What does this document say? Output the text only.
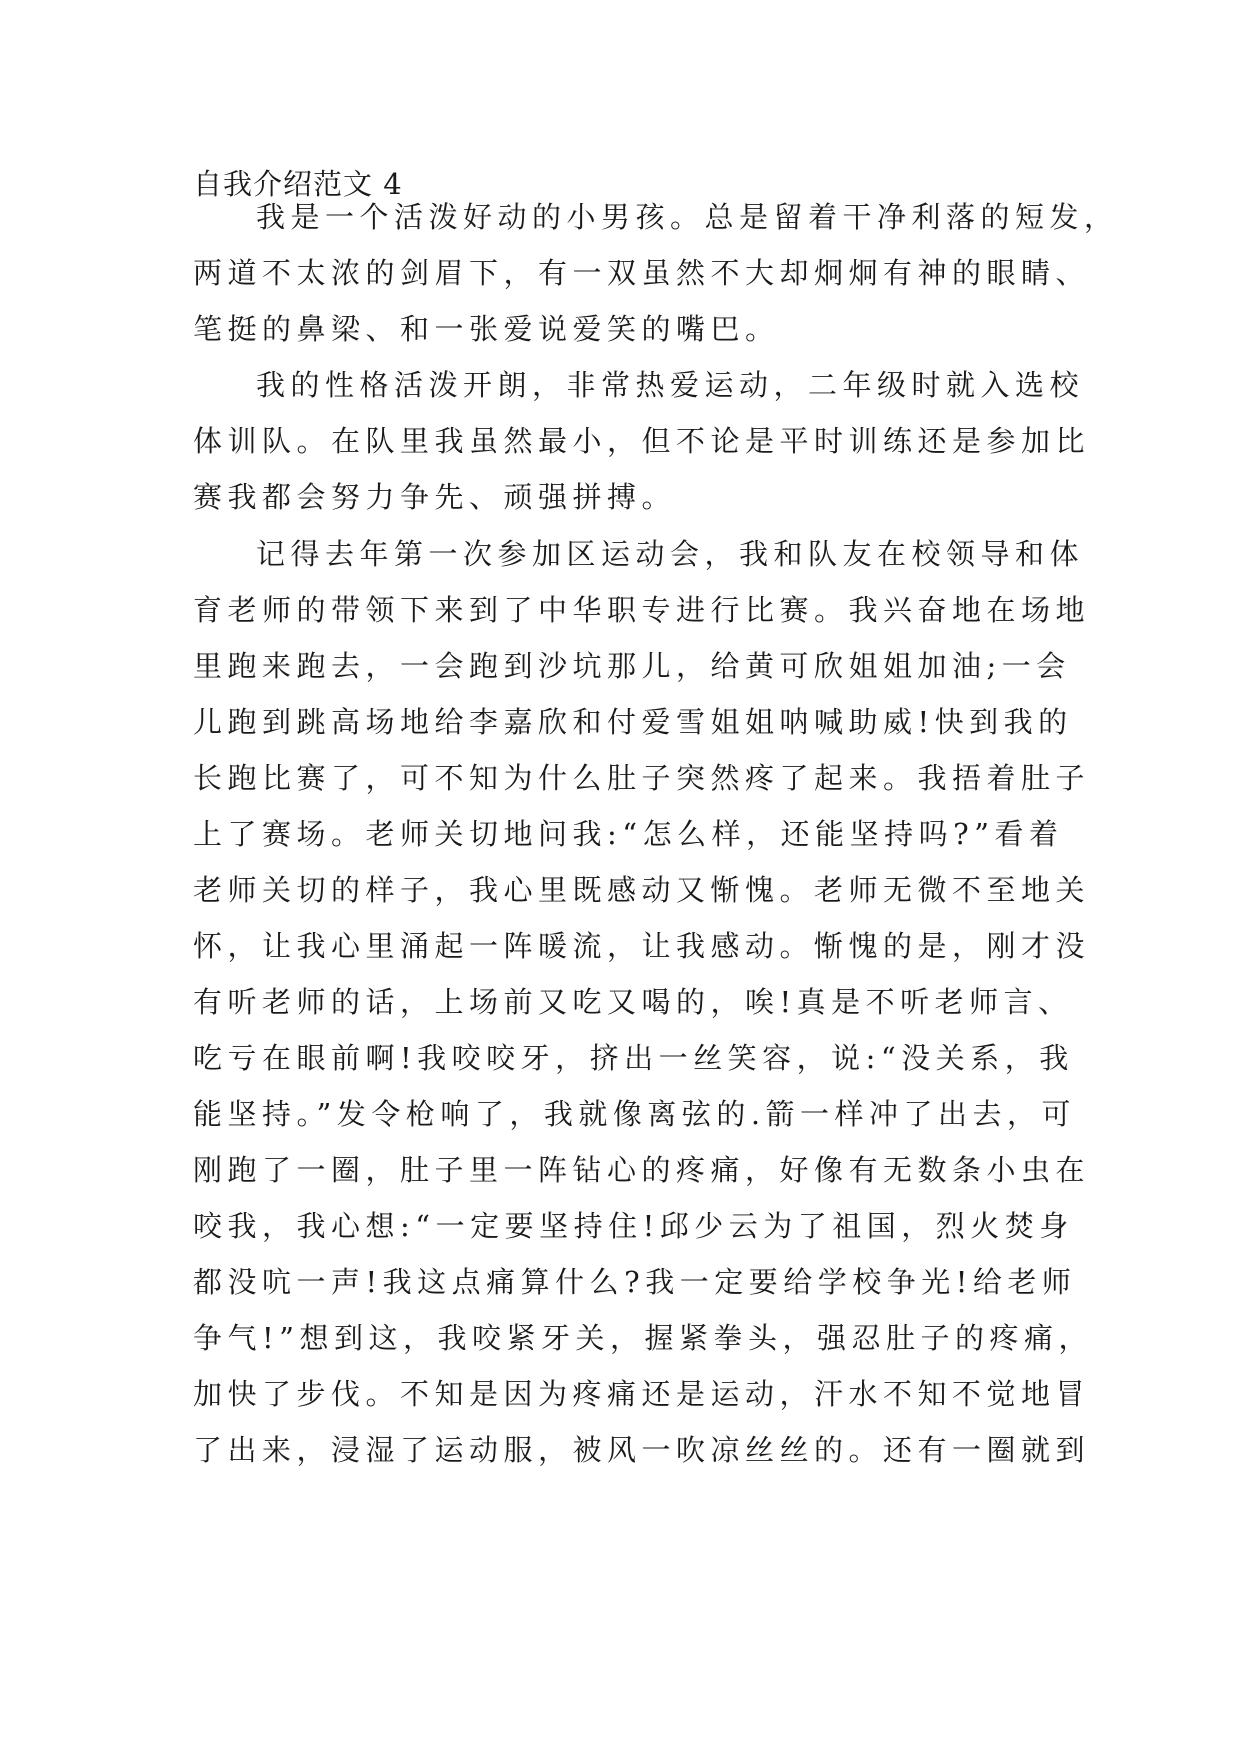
自我介绍范文 4
我是一个活泼好动的小男孩。总是留着干净利落的短发，
两道不太浓的剑眉下，有一双虽然不大却炯炯有神的眼睛、
笔挺的鼻梁、和一张爱说爱笑的嘴巴。
我的性格活泼开朗，非常热爱运动，二年级时就入选校
体训队。在队里我虽然最小，但不论是平时训练还是参加比
赛我都会努力争先、顽强拼搏。
记得去年第一次参加区运动会，我和队友在校领导和体
育老师的带领下来到了中华职专进行比赛。我兴奋地在场地
里跑来跑去，一会跑到沙坑那儿，给黄可欣姐姐加油;一会
儿跑到跳高场地给李嘉欣和付爱雪姐姐呐喊助威!快到我的
长跑比赛了，可不知为什么肚子突然疼了起来。我捂着肚子
上了赛场。老师关切地问我:“怎么样，还能坚持吗?”看着
老师关切的样子，我心里既感动又惭愧。老师无微不至地关
怀，让我心里涌起一阵暖流，让我感动。惭愧的是，刚才没
有听老师的话，上场前又吃又喝的，唉!真是不听老师言、
吃亏在眼前啊!我咬咬牙，挤出一丝笑容，说:“没关系，我
能坚持。”发令枪响了，我就像离弦的.箭一样冲了出去，可
刚跑了一圈，肚子里一阵钻心的疼痛，好像有无数条小虫在
咬我，我心想:“一定要坚持住!邱少云为了祖国，烈火焚身
都没吭一声!我这点痛算什么?我一定要给学校争光!给老师
争气!”想到这，我咬紧牙关，握紧拳头，强忍肚子的疼痛，
加快了步伐。不知是因为疼痛还是运动，汗水不知不觉地冒
了出来，浸湿了运动服，被风一吹凉丝丝的。还有一圈就到
